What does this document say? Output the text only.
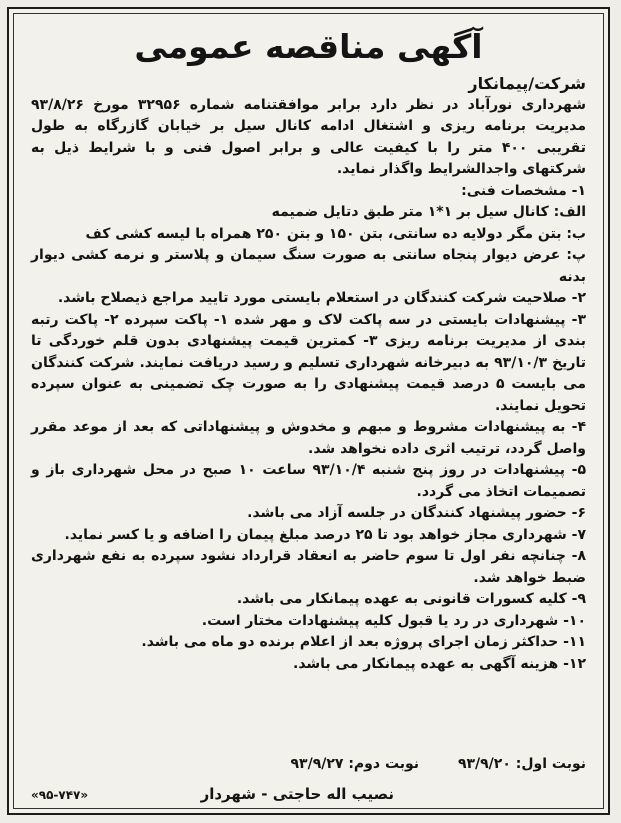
آگهی مناقصه عمومی

شرکت/پیمانکار

شهرداری نورآباد در نظر دارد برابر موافقتنامه شماره ۳۲۹۵۶ مورخ ۹۳/۸/۲۶ مدیریت برنامه ریزی و اشتغال ادامه کانال سیل بر خیابان گازرگاه به طول تقریبی ۴۰۰ متر را با کیفیت عالی و برابر اصول فنی و با شرایط ذیل به شرکتهای واجدالشرایط واگذار نماید.

۱- مشخصات فنی:

الف: کانال سیل بر ۱*۱ متر طبق دتایل ضمیمه

ب: بتن مگر دولایه ده سانتی، بتن ۱۵۰ و بتن ۲۵۰ همراه با لیسه کشی کف

پ: عرض دیوار پنجاه سانتی به صورت سنگ سیمان و پلاستر و نرمه کشی دیوار بدنه

۲- صلاحیت شرکت کنندگان در استعلام بایستی مورد تایید مراجع ذیصلاح باشد.

۳- پیشنهادات بایستی در سه پاکت لاک و مهر شده ۱- پاکت سپرده ۲- پاکت رتبه بندی از مدیریت برنامه ریزی ۳- کمترین قیمت پیشنهادی بدون قلم خوردگی تا تاریخ ۹۳/۱۰/۳ به دبیرخانه شهرداری تسلیم و رسید دریافت نمایند. شرکت کنندگان می بایست ۵ درصد قیمت پیشنهادی را به صورت چک تضمینی به عنوان سپرده تحویل نمایند.

۴- به پیشنهادات مشروط و مبهم و مخدوش و پیشنهاداتی که بعد از موعد مقرر واصل گردد، ترتیب اثری داده نخواهد شد.

۵- پیشنهادات در روز پنج شنبه ۹۳/۱۰/۴ ساعت ۱۰ صبح در محل شهرداری باز و تصمیمات اتخاذ می گردد.

۶- حضور پیشنهاد کنندگان در جلسه آزاد می باشد.

۷- شهرداری مجاز خواهد بود تا ۲۵ درصد مبلغ پیمان را اضافه و یا کسر نماید.

۸- چنانچه نفر اول تا سوم حاضر به انعقاد قرارداد نشود سپرده به نفع شهرداری ضبط خواهد شد.

۹- کلیه کسورات قانونی به عهده پیمانکار می باشد.

۱۰- شهرداری در رد یا قبول کلیه پیشنهادات مختار است.

۱۱- حداکثر زمان اجرای پروژه بعد از اعلام برنده دو ماه می باشد.

۱۲- هزینه آگهی به عهده پیمانکار می باشد.

نوبت اول: ۹۳/۹/۲۰ نوبت دوم: ۹۳/۹/۲۷
نصیب اله حاجتی - شهردار
«۹۵-۷۴۷»
